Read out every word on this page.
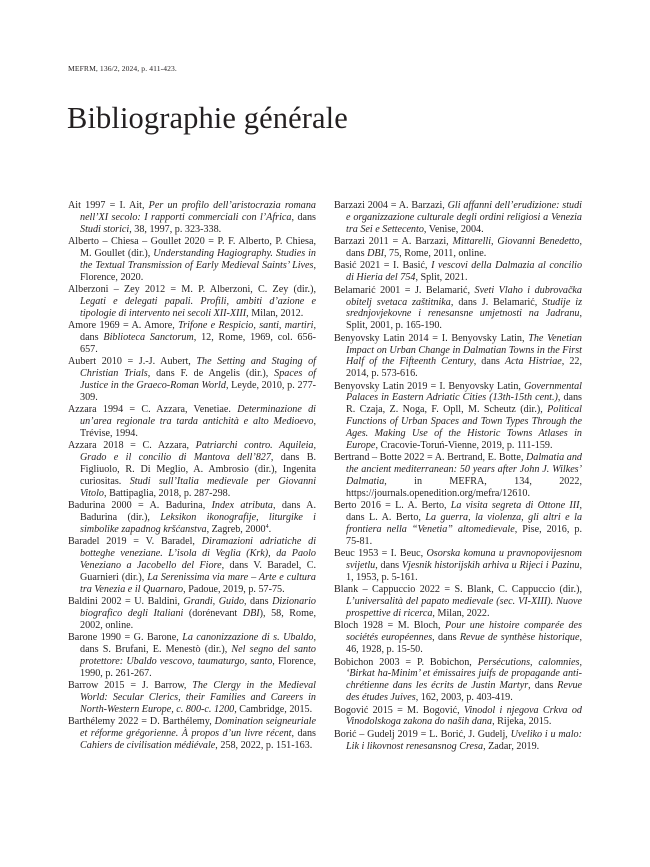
MEFRM, 136/2, 2024, p. 411-423.
Bibliographie générale

Ait 1997 = I. Ait, Per un profilo dell’aristocrazia romana nell’XI secolo: I rapporti commerciali con l’Africa, dans Studi storici, 38, 1997, p. 323-338.

Alberto – Chiesa – Goullet 2020 = P. F. Alberto, P. Chiesa, M. Goullet (dir.), Understanding Hagiography. Studies in the Textual Transmission of Early Medieval Saints’ Lives, Florence, 2020.

Alberzoni – Zey 2012 = M. P. Alberzoni, C. Zey (dir.), Legati e delegati papali. Profili, ambiti d’azione e tipologie di intervento nei secoli XII-XIII, Milan, 2012.

Amore 1969 = A. Amore, Trifone e Respicio, santi, martiri, dans Biblioteca Sanctorum, 12, Rome, 1969, col. 656-657.

Aubert 2010 = J.-J. Aubert, The Setting and Staging of Christian Trials, dans F. de Angelis (dir.), Spaces of Justice in the Graeco-Roman World, Leyde, 2010, p. 277-309.

Azzara 1994 = C. Azzara, Venetiae. Determinazione di un’area regionale tra tarda antichità e alto Medioevo, Trévise, 1994.

Azzara 2018 = C. Azzara, Patriarchi contro. Aquileia, Grado e il concilio di Mantova dell’827, dans B. Figliuolo, R. Di Meglio, A. Ambrosio (dir.), Ingenita curiositas. Studi sull’Italia medievale per Giovanni Vitolo, Battipaglia, 2018, p. 287-298.

Badurina 2000 = A. Badurina, Index atributa, dans A. Badurina (dir.), Leksikon ikonografije, liturgike i simbolike zapadnog kršćanstva, Zagreb, 2000$^4$.

Baradel 2019 = V. Baradel, Diramazioni adriatiche di botteghe veneziane. L’isola di Veglia (Krk), da Paolo Veneziano a Jacobello del Fiore, dans V. Baradel, C. Guarnieri (dir.), La Serenissima via mare – Arte e cultura tra Venezia e il Quarnaro, Padoue, 2019, p. 57-75.

Baldini 2002 = U. Baldini, Grandi, Guido, dans Dizionario biografico degli Italiani (dorénevant DBI), 58, Rome, 2002, online.

Barone 1990 = G. Barone, La canonizzazione di s. Ubaldo, dans S. Brufani, E. Menestò (dir.), Nel segno del santo protettore: Ubaldo vescovo, taumaturgo, santo, Florence, 1990, p. 261-267.

Barrow 2015 = J. Barrow, The Clergy in the Medieval World: Secular Clerics, their Families and Careers in North-Western Europe, c. 800-c. 1200, Cambridge, 2015.

Barthélemy 2022 = D. Barthélemy, Domination seigneuriale et réforme grégorienne. À propos d’un livre récent, dans Cahiers de civilisation médiévale, 258, 2022, p. 151-163.

Barzazi 2004 = A. Barzazi, Gli affanni dell’erudizione: studi e organizzazione culturale degli ordini religiosi a Venezia tra Sei e Settecento, Venise, 2004.

Barzazi 2011 = A. Barzazi, Mittarelli, Giovanni Benedetto, dans DBI, 75, Rome, 2011, online.

Basić 2021 = I. Basić, I vescovi della Dalmazia al concilio di Hieria del 754, Split, 2021.

Belamarić 2001 = J. Belamarić, Sveti Vlaho i dubrovačka obitelj svetaca zaštitnika, dans J. Belamarić, Studije iz srednjovjekovne i renesansne umjetnosti na Jadranu, Split, 2001, p. 165-190.

Benyovsky Latin 2014 = I. Benyovsky Latin, The Venetian Impact on Urban Change in Dalmatian Towns in the First Half of the Fifteenth Century, dans Acta Histriae, 22, 2014, p. 573-616.

Benyovsky Latin 2019 = I. Benyovsky Latin, Governmental Palaces in Eastern Adriatic Cities (13th-15th cent.), dans R. Czaja, Z. Noga, F. Opll, M. Scheutz (dir.), Political Functions of Urban Spaces and Town Types Through the Ages. Making Use of the Historic Towns Atlases in Europe, Cracovie-Toruń-Vienne, 2019, p. 111-159.

Bertrand – Botte 2022 = A. Bertrand, E. Botte, Dalmatia and the ancient mediterranean: 50 years after John J. Wilkes’ Dalmatia, in MEFRA, 134, 2022, https://journals.openedition.org/mefra/12610.

Berto 2016 = L. A. Berto, La visita segreta di Ottone III, dans L. A. Berto, La guerra, la violenza, gli altri e la frontiera nella “Venetia” altomedievale, Pise, 2016, p. 75-81.

Beuc 1953 = I. Beuc, Osorska komuna u pravnopovijesnom svijetlu, dans Vjesnik historijskih arhiva u Rijeci i Pazinu, 1, 1953, p. 5-161.

Blank – Cappuccio 2022 = S. Blank, C. Cappuccio (dir.), L’universalità del papato medievale (sec. VI-XIII). Nuove prospettive di ricerca, Milan, 2022.

Bloch 1928 = M. Bloch, Pour une histoire comparée des sociétés européennes, dans Revue de synthèse historique, 46, 1928, p. 15-50.

Bobichon 2003 = P. Bobichon, Persécutions, calomnies, ‘Birkat ha-Minim’ et émissaires juifs de propagande anti-chrétienne dans les écrits de Justin Martyr, dans Revue des études Juives, 162, 2003, p. 403-419.

Bogović 2015 = M. Bogović, Vinodol i njegova Crkva od Vinodolskoga zakona do naših dana, Rijeka, 2015.

Borić – Gudelj 2019 = L. Borić, J. Gudelj, Uveliko i u malo: Lik i likovnost renesansnog Cresa, Zadar, 2019.
